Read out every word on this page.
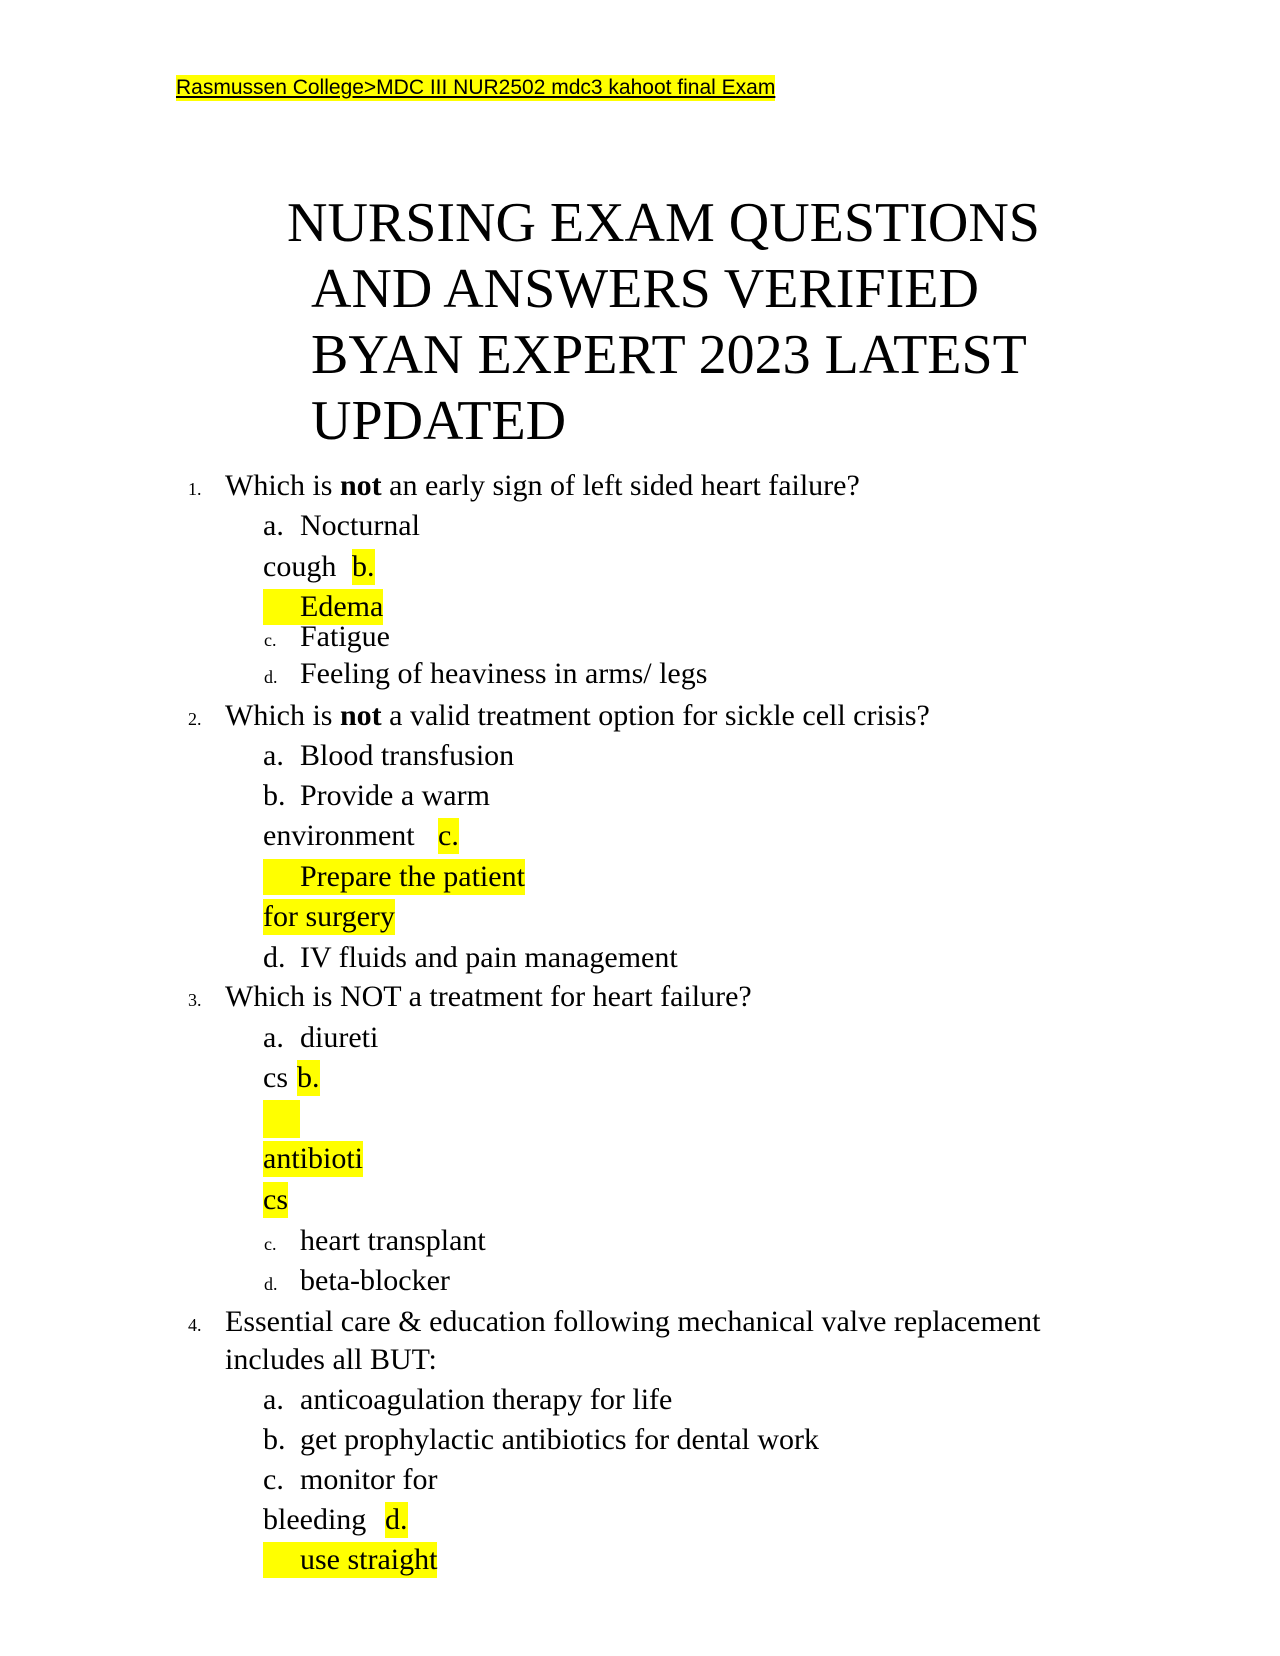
Rasmussen College>MDC III NUR2502 mdc3 kahoot final Exam
NURSING EXAM QUESTIONS
AND ANSWERS VERIFIED
BYAN EXPERT 2023 LATEST
UPDATED
1. Which is not an early sign of left sided heart failure?
a. Nocturnal
cough b.
Edema
c. Fatigue
d. Feeling of heaviness in arms/ legs
2. Which is not a valid treatment option for sickle cell crisis?
a. Blood transfusion
b. Provide a warm
environment c.
Prepare the patient
for surgery
d. IV fluids and pain management
3. Which is NOT a treatment for heart failure?
a. diureti
cs b.
antibioti
cs
c. heart transplant
d. beta-blocker
4. Essential care & education following mechanical valve replacement
includes all BUT:
a. anticoagulation therapy for life
b. get prophylactic antibiotics for dental work
c. monitor for
bleeding d.
use straight
